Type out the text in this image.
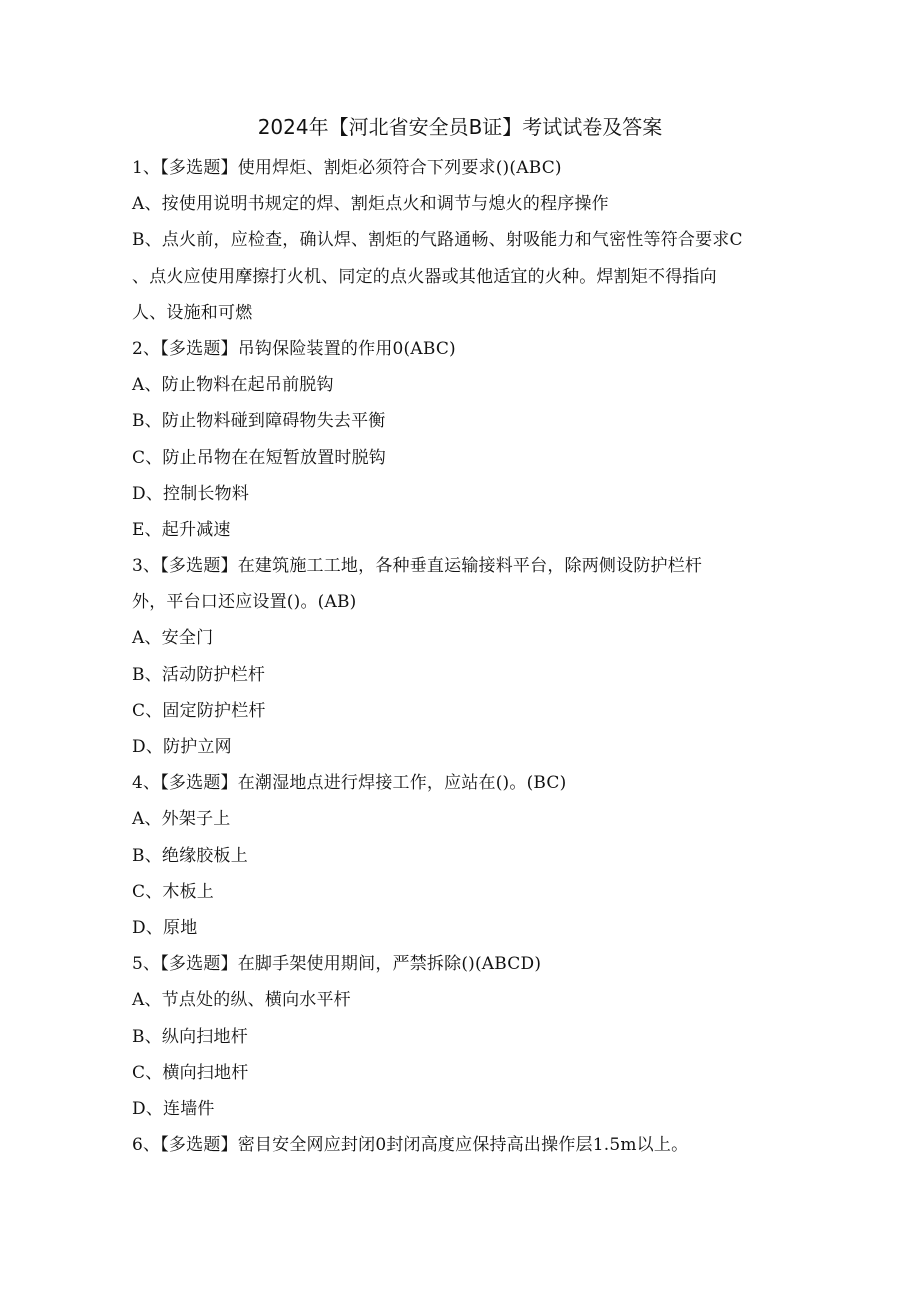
2024年【河北省安全员B证】考试试卷及答案
1、【多选题】使用焊炬、割炬必须符合下列要求()(ABC)
A、按使用说明书规定的焊、割炬点火和调节与熄火的程序操作
B、点火前，应检查，确认焊、割炬的气路通畅、射吸能力和气密性等符合要求C
、点火应使用摩擦打火机、同定的点火器或其他适宜的火种。焊割矩不得指向
人、设施和可燃
2、【多选题】吊钩保险装置的作用0(ABC)
A、防止物料在起吊前脱钩
B、防止物料碰到障碍物失去平衡
C、防止吊物在在短暂放置时脱钩
D、控制长物料
E、起升减速
3、【多选题】在建筑施工工地，各种垂直运输接料平台，除两侧设防护栏杆
外，平台口还应设置()。(AB)
A、安全门
B、活动防护栏杆
C、固定防护栏杆
D、防护立网
4、【多选题】在潮湿地点进行焊接工作，应站在()。(BC)
A、外架子上
B、绝缘胶板上
C、木板上
D、原地
5、【多选题】在脚手架使用期间，严禁拆除()(ABCD)
A、节点处的纵、横向水平杆
B、纵向扫地杆
C、横向扫地杆
D、连墙件
6、【多选题】密目安全网应封闭0封闭高度应保持高出操作层1.5m以上。
